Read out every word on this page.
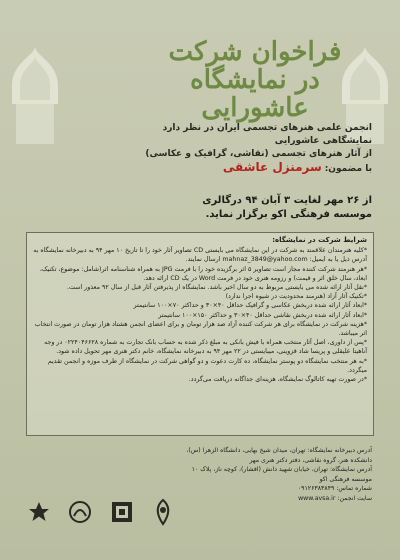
فراخوان شرکت
در نمایشگاه
عاشورایی
انجمن علمی هنرهای تجسمی ایران در نظر دارد
نمایشگاهی عاشورایی
از آثار هنرهای تجسمی (نقاشی، گرافیک و عکاسی)
با مضمون: سرمنزل عاشقی
از ۲۶ مهر لغایت ۳ آبان ۹۴ درگالری
موسسه فرهنگی اکو برگزار نماید.
شرایط شرکت در نمایشگاه:

*کلیه هنرمندان علاقمند به شرکت در این نمایشگاه می بایستی CD تصاویر آثار خود را تا تاریخ ۱۰ مهر ۹۴ به دبیرخانه نمایشگاه به آدرس ذیل یا به ایمیل: mahnaz_3849@yahoo.com ارسال نمایند.

*هر هنرمند شرکت کننده مجاز است تصاویر ۵ اثر برگزیده خود را با فرمت JPG به همراه شناسنامه اثر(شامل: موضوع، تکنیک، ابعاد، سال خلق اثر و قیمت) و رزومه هنری خود در فرمت Word در یک CD ارائه دهد.

*نقل آثار ارائه شده می بایستی مربوط به دو سال اخیر باشد. نمایشگاه از پذیرفتن آثار قبل از سال ۹۲ معذور است.

*تکنیک آثار آزاد (هنرمند محدودیت در شیوه اجرا ندارد)

*ابعاد آثار ارائه شده دربخش عکاسی و گرافیک حداقل ۴۰×۳۰ و حداکثر ۷۰×۱۰۰ سانتیمتر

*ابعاد آثار ارائه شده دربخش نقاشی حداقل ۴۰×۳۰ و حداکثر ۱۵۰×۱۰۰ سانتیمتر

*هزینه شرکت در نمایشگاه برای هر شرکت کننده آزاد صد هزار تومان و برای اعضای انجمن هشتاد هزار تومان در صورت انتخاب اثر میباشد.

*پس از داوری، اصل آثار منتخب همراه با فیش بانکی به مبلغ ذکر شده به حساب بانک تجارت به شماره ۰۲۲۴۰۴۶۶۲۸ در وجه آناهیتا علیقلی و پریسا شاد قزوینی، میبایستی در ۲۲ مهر ۹۴ به دبیرخانه نمایشگاه، خانم دکتر هنری مهر تحویل داده شود.

*به هر منتخب نمایشگاه دو پوستر نمایشگاه، ده کارت دعوت و دو گواهی شرکت در نمایشگاه از طرف موزه و انجمن تقدیم میگردد.

*در صورت تهیه کاتالوگ نمایشگاه، هزینه‌ای جداگانه دریافت می‌گردد.

آدرس دبیرخانه نمایشگاه: تهران، میدان شیخ بهایی، دانشگاه الزهرا (س)،
دانشکده هنر، گروه نقاشی، دفتر دکتر هنری مهر
آدرس نمایشگاه: تهران، خیابان شهید دانش (افشار)، کوچه ناز، پلاک ۱۰
موسسه فرهنگی اکو
شماره تماس: ۰۹۱۲۶۳۸۳۸۴۹
سایت انجمن: www.avsa.ir
